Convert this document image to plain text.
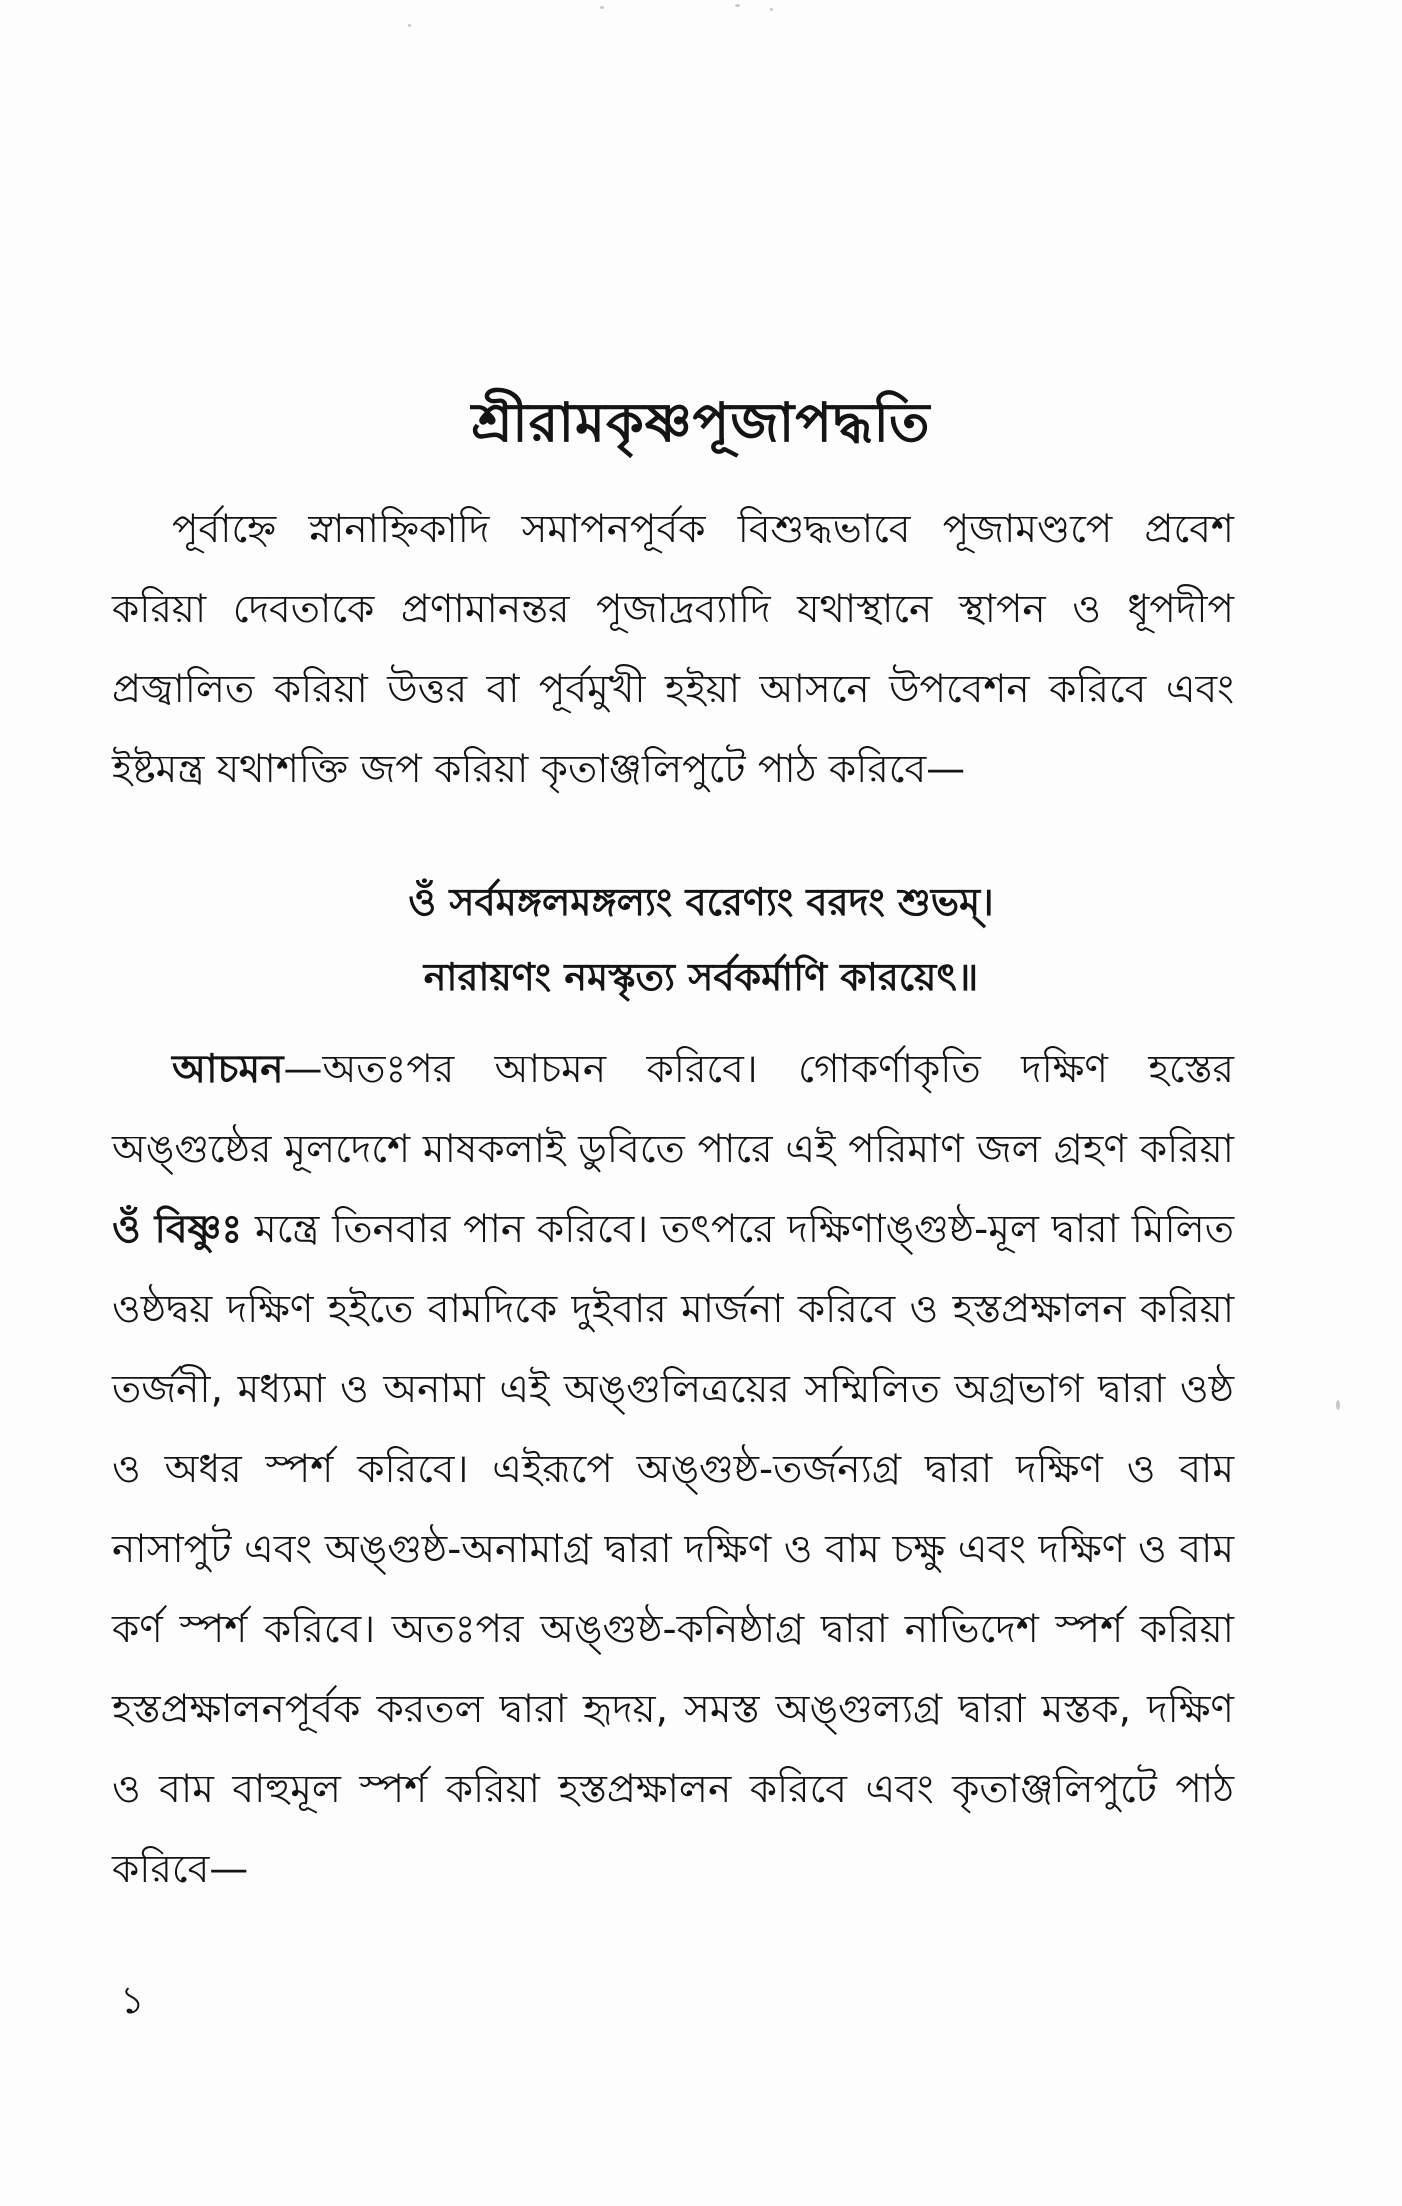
শ্রীরামকৃষ্ণপূজাপদ্ধতি
পূর্বাহ্নে স্নানাহ্নিকাদি সমাপনপূর্বক বিশুদ্ধভাবে পূজামণ্ডপে প্রবেশ করিয়া দেবতাকে প্রণামানন্তর পূজাদ্রব্যাদি যথাস্থানে স্থাপন ও ধূপদীপ প্রজ্বালিত করিয়া উত্তর বা পূর্বমুখী হইয়া আসনে উপবেশন করিবে এবং ইষ্টমন্ত্র যথাশক্তি জপ করিয়া কৃতাঞ্জলিপুটে পাঠ করিবে—
ওঁ সর্বমঙ্গলমঙ্গল্যং বরেণ্যং বরদং শুভম্।
নারায়ণং নমস্কৃত্য সর্বকর্মাণি কারয়েৎ॥
আচমন—অতঃপর আচমন করিবে। গোকর্ণাকৃতি দক্ষিণ হস্তের অঙ্গুষ্ঠের মূলদেশে মাষকলাই ডুবিতে পারে এই পরিমাণ জল গ্রহণ করিয়া ওঁ বিষ্ণুঃ মন্ত্রে তিনবার পান করিবে। তৎপরে দক্ষিণাঙ্গুষ্ঠ-মূল দ্বারা মিলিত ওষ্ঠদ্বয় দক্ষিণ হইতে বামদিকে দুইবার মার্জনা করিবে ও হস্তপ্রক্ষালন করিয়া তর্জনী, মধ্যমা ও অনামা এই অঙ্গুলিত্রয়ের সম্মিলিত অগ্রভাগ দ্বারা ওষ্ঠ ও অধর স্পর্শ করিবে। এইরূপে অঙ্গুষ্ঠ-তর্জন্যগ্র দ্বারা দক্ষিণ ও বাম নাসাপুট এবং অঙ্গুষ্ঠ-অনামাগ্র দ্বারা দক্ষিণ ও বাম চক্ষু এবং দক্ষিণ ও বাম কর্ণ স্পর্শ করিবে। অতঃপর অঙ্গুষ্ঠ-কনিষ্ঠাগ্র দ্বারা নাভিদেশ স্পর্শ করিয়া হস্তপ্রক্ষালনপূর্বক করতল দ্বারা হৃদয়, সমস্ত অঙ্গুল্যগ্র দ্বারা মস্তক, দক্ষিণ ও বাম বাহুমূল স্পর্শ করিয়া হস্তপ্রক্ষালন করিবে এবং কৃতাঞ্জলিপুটে পাঠ করিবে—
১
